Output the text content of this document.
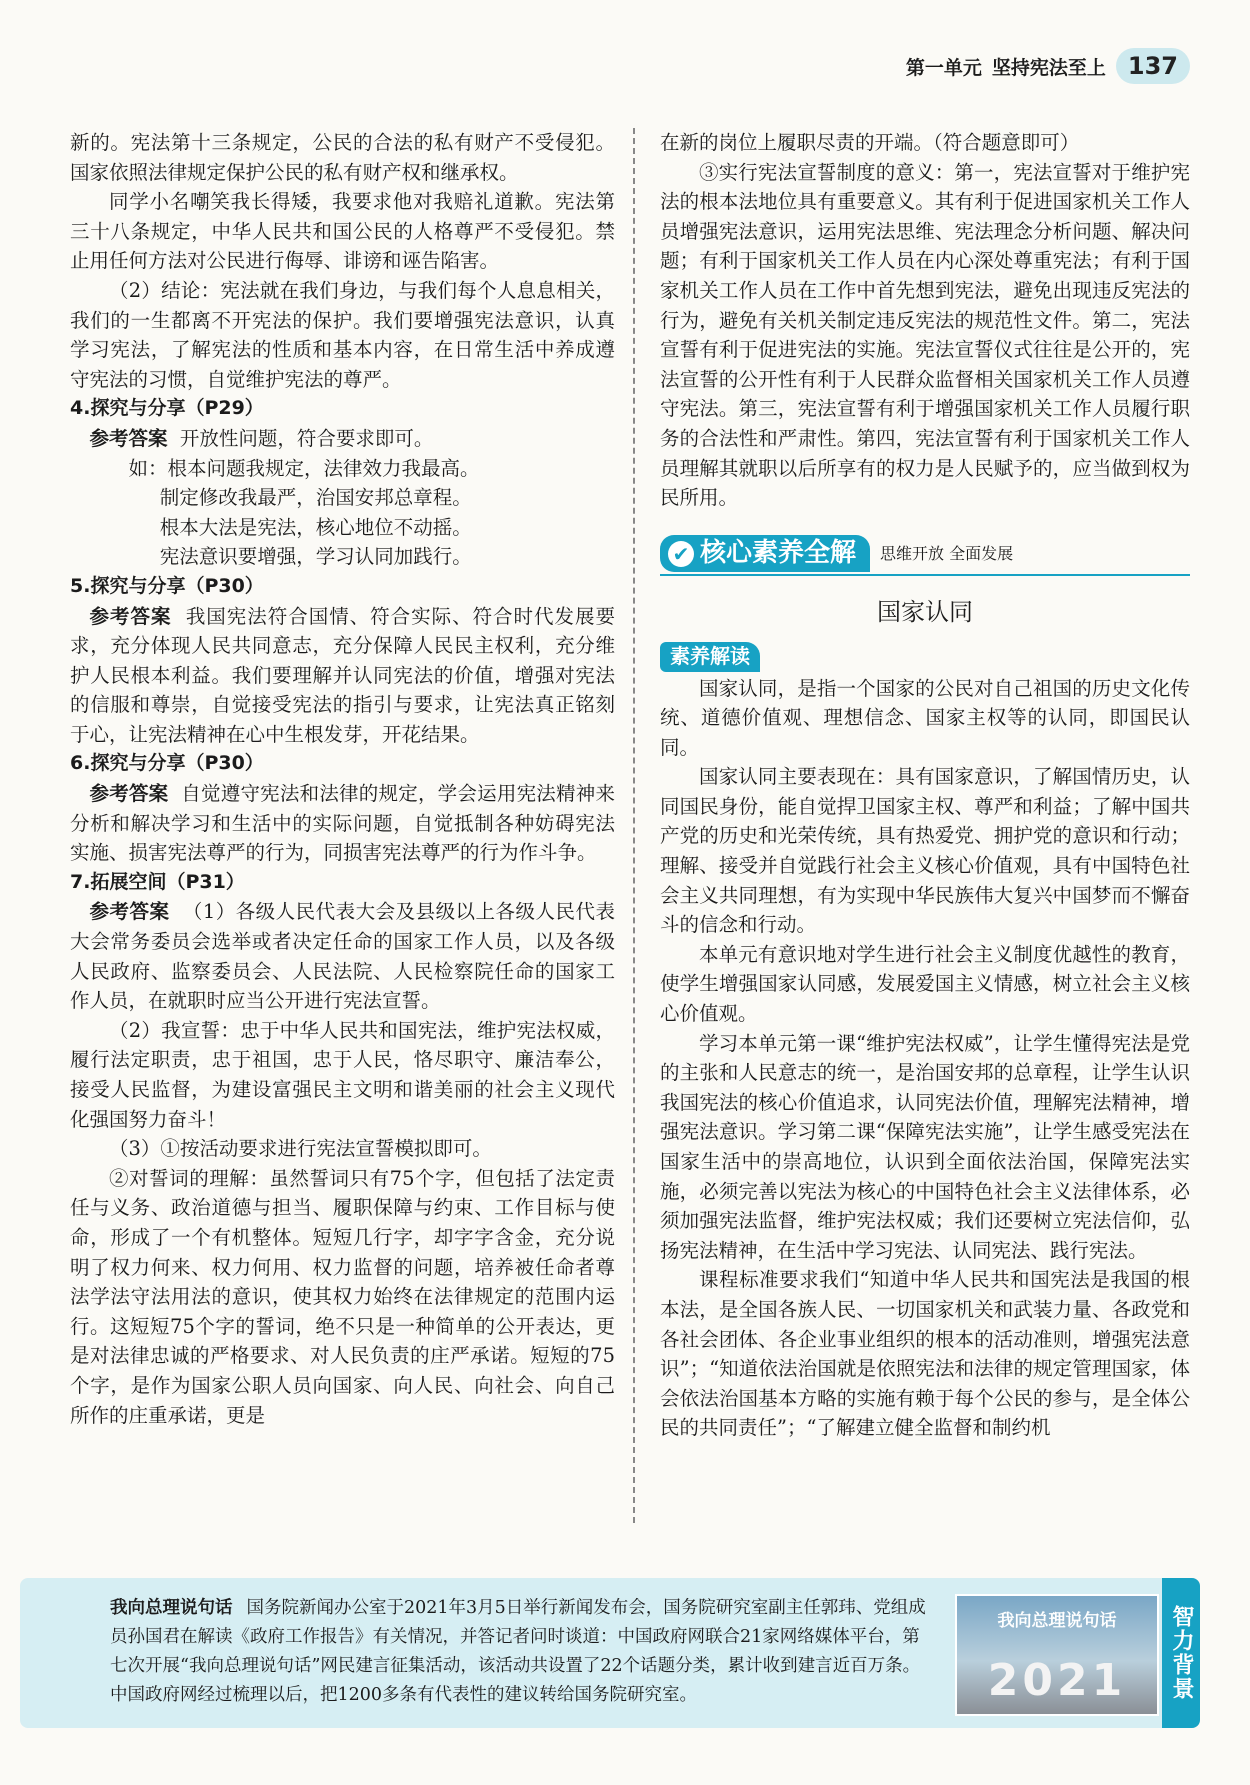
第一单元 坚持宪法至上 137

新的。宪法第十三条规定，公民的合法的私有财产不受侵犯。国家依照法律规定保护公民的私有财产权和继承权。

同学小名嘲笑我长得矮，我要求他对我赔礼道歉。宪法第三十八条规定，中华人民共和国公民的人格尊严不受侵犯。禁止用任何方法对公民进行侮辱、诽谤和诬告陷害。

（2）结论：宪法就在我们身边，与我们每个人息息相关，我们的一生都离不开宪法的保护。我们要增强宪法意识，认真学习宪法，了解宪法的性质和基本内容，在日常生活中养成遵守宪法的习惯，自觉维护宪法的尊严。

4.探究与分享（P29）

参考答案 开放性问题，符合要求即可。

如：根本问题我规定，法律效力我最高。

制定修改我最严，治国安邦总章程。

根本大法是宪法，核心地位不动摇。

宪法意识要增强，学习认同加践行。

5.探究与分享（P30）

参考答案 我国宪法符合国情、符合实际、符合时代发展要求，充分体现人民共同意志，充分保障人民民主权利，充分维护人民根本利益。我们要理解并认同宪法的价值，增强对宪法的信服和尊崇，自觉接受宪法的指引与要求，让宪法真正铭刻于心，让宪法精神在心中生根发芽，开花结果。

6.探究与分享（P30）

参考答案 自觉遵守宪法和法律的规定，学会运用宪法精神来分析和解决学习和生活中的实际问题，自觉抵制各种妨碍宪法实施、损害宪法尊严的行为，同损害宪法尊严的行为作斗争。

7.拓展空间（P31）

参考答案 （1）各级人民代表大会及县级以上各级人民代表大会常务委员会选举或者决定任命的国家工作人员，以及各级人民政府、监察委员会、人民法院、人民检察院任命的国家工作人员，在就职时应当公开进行宪法宣誓。

（2）我宣誓：忠于中华人民共和国宪法，维护宪法权威，履行法定职责，忠于祖国，忠于人民，恪尽职守、廉洁奉公，接受人民监督，为建设富强民主文明和谐美丽的社会主义现代化强国努力奋斗！

（3）①按活动要求进行宪法宣誓模拟即可。

②对誓词的理解：虽然誓词只有75个字，但包括了法定责任与义务、政治道德与担当、履职保障与约束、工作目标与使命，形成了一个有机整体。短短几行字，却字字含金，充分说明了权力何来、权力何用、权力监督的问题，培养被任命者尊法学法守法用法的意识，使其权力始终在法律规定的范围内运行。这短短75个字的誓词，绝不只是一种简单的公开表达，更是对法律忠诚的严格要求、对人民负责的庄严承诺。短短的75个字，是作为国家公职人员向国家、向人民、向社会、向自己所作的庄重承诺，更是

在新的岗位上履职尽责的开端。（符合题意即可）

③实行宪法宣誓制度的意义：第一，宪法宣誓对于维护宪法的根本法地位具有重要意义。其有利于促进国家机关工作人员增强宪法意识，运用宪法思维、宪法理念分析问题、解决问题；有利于国家机关工作人员在内心深处尊重宪法；有利于国家机关工作人员在工作中首先想到宪法，避免出现违反宪法的行为，避免有关机关制定违反宪法的规范性文件。第二，宪法宣誓有利于促进宪法的实施。宪法宣誓仪式往往是公开的，宪法宣誓的公开性有利于人民群众监督相关国家机关工作人员遵守宪法。第三，宪法宣誓有利于增强国家机关工作人员履行职务的合法性和严肃性。第四，宪法宣誓有利于国家机关工作人员理解其就职以后所享有的权力是人民赋予的，应当做到权为民所用。

✔ 核心素养全解 思维开放 全面发展
国家认同
素养解读

国家认同，是指一个国家的公民对自己祖国的历史文化传统、道德价值观、理想信念、国家主权等的认同，即国民认同。

国家认同主要表现在：具有国家意识，了解国情历史，认同国民身份，能自觉捍卫国家主权、尊严和利益；了解中国共产党的历史和光荣传统，具有热爱党、拥护党的意识和行动；理解、接受并自觉践行社会主义核心价值观，具有中国特色社会主义共同理想，有为实现中华民族伟大复兴中国梦而不懈奋斗的信念和行动。

本单元有意识地对学生进行社会主义制度优越性的教育，使学生增强国家认同感，发展爱国主义情感，树立社会主义核心价值观。

学习本单元第一课“维护宪法权威”，让学生懂得宪法是党的主张和人民意志的统一，是治国安邦的总章程，让学生认识我国宪法的核心价值追求，认同宪法价值，理解宪法精神，增强宪法意识。学习第二课“保障宪法实施”，让学生感受宪法在国家生活中的崇高地位，认识到全面依法治国，保障宪法实施，必须完善以宪法为核心的中国特色社会主义法律体系，必须加强宪法监督，维护宪法权威；我们还要树立宪法信仰，弘扬宪法精神，在生活中学习宪法、认同宪法、践行宪法。

课程标准要求我们“知道中华人民共和国宪法是我国的根本法，是全国各族人民、一切国家机关和武装力量、各政党和各社会团体、各企业事业组织的根本的活动准则，增强宪法意识”；“知道依法治国就是依照宪法和法律的规定管理国家，体会依法治国基本方略的实施有赖于每个公民的参与，是全体公民的共同责任”；“了解建立健全监督和制约机

我向总理说句话 国务院新闻办公室于2021年3月5日举行新闻发布会，国务院研究室副主任郭玮、党组成员孙国君在解读《政府工作报告》有关情况，并答记者问时谈道：中国政府网联合21家网络媒体平台，第七次开展“我向总理说句话”网民建言征集活动，该活动共设置了22个话题分类，累计收到建言近百万条。中国政府网经过梳理以后，把1200多条有代表性的建议转给国务院研究室。
我向总理说句话
2021	智力背景
